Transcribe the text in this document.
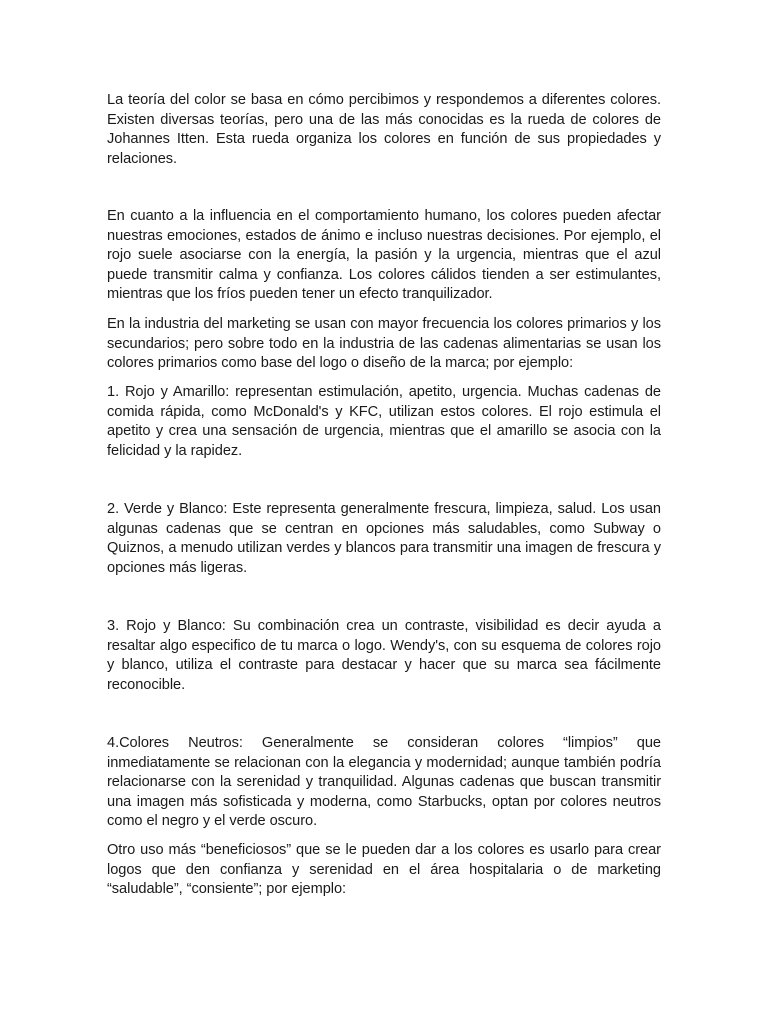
La teoría del color se basa en cómo percibimos y respondemos a diferentes colores. Existen diversas teorías, pero una de las más conocidas es la rueda de colores de Johannes Itten. Esta rueda organiza los colores en función de sus propiedades y relaciones.

En cuanto a la influencia en el comportamiento humano, los colores pueden afectar nuestras emociones, estados de ánimo e incluso nuestras decisiones. Por ejemplo, el rojo suele asociarse con la energía, la pasión y la urgencia, mientras que el azul puede transmitir calma y confianza. Los colores cálidos tienden a ser estimulantes, mientras que los fríos pueden tener un efecto tranquilizador.

En la industria del marketing se usan con mayor frecuencia los colores primarios y los secundarios; pero sobre todo en la industria de las cadenas alimentarias se usan los colores primarios como base del logo o diseño de la marca; por ejemplo:

1. Rojo y Amarillo: representan estimulación, apetito, urgencia. Muchas cadenas de comida rápida, como McDonald's y KFC, utilizan estos colores. El rojo estimula el apetito y crea una sensación de urgencia, mientras que el amarillo se asocia con la felicidad y la rapidez.

2. Verde y Blanco: Este representa generalmente frescura, limpieza, salud. Los usan algunas cadenas que se centran en opciones más saludables, como Subway o Quiznos, a menudo utilizan verdes y blancos para transmitir una imagen de frescura y opciones más ligeras.

3. Rojo y Blanco: Su combinación crea un contraste, visibilidad es decir ayuda a resaltar algo especifico de tu marca o logo. Wendy's, con su esquema de colores rojo y blanco, utiliza el contraste para destacar y hacer que su marca sea fácilmente reconocible.

4.Colores Neutros: Generalmente se consideran colores “limpios” que inmediatamente se relacionan con la elegancia y modernidad; aunque también podría relacionarse con la serenidad y tranquilidad. Algunas cadenas que buscan transmitir una imagen más sofisticada y moderna, como Starbucks, optan por colores neutros como el negro y el verde oscuro.

Otro uso más “beneficiosos” que se le pueden dar a los colores es usarlo para crear logos que den confianza y serenidad en el área hospitalaria o de marketing “saludable”, “consiente”; por ejemplo:
